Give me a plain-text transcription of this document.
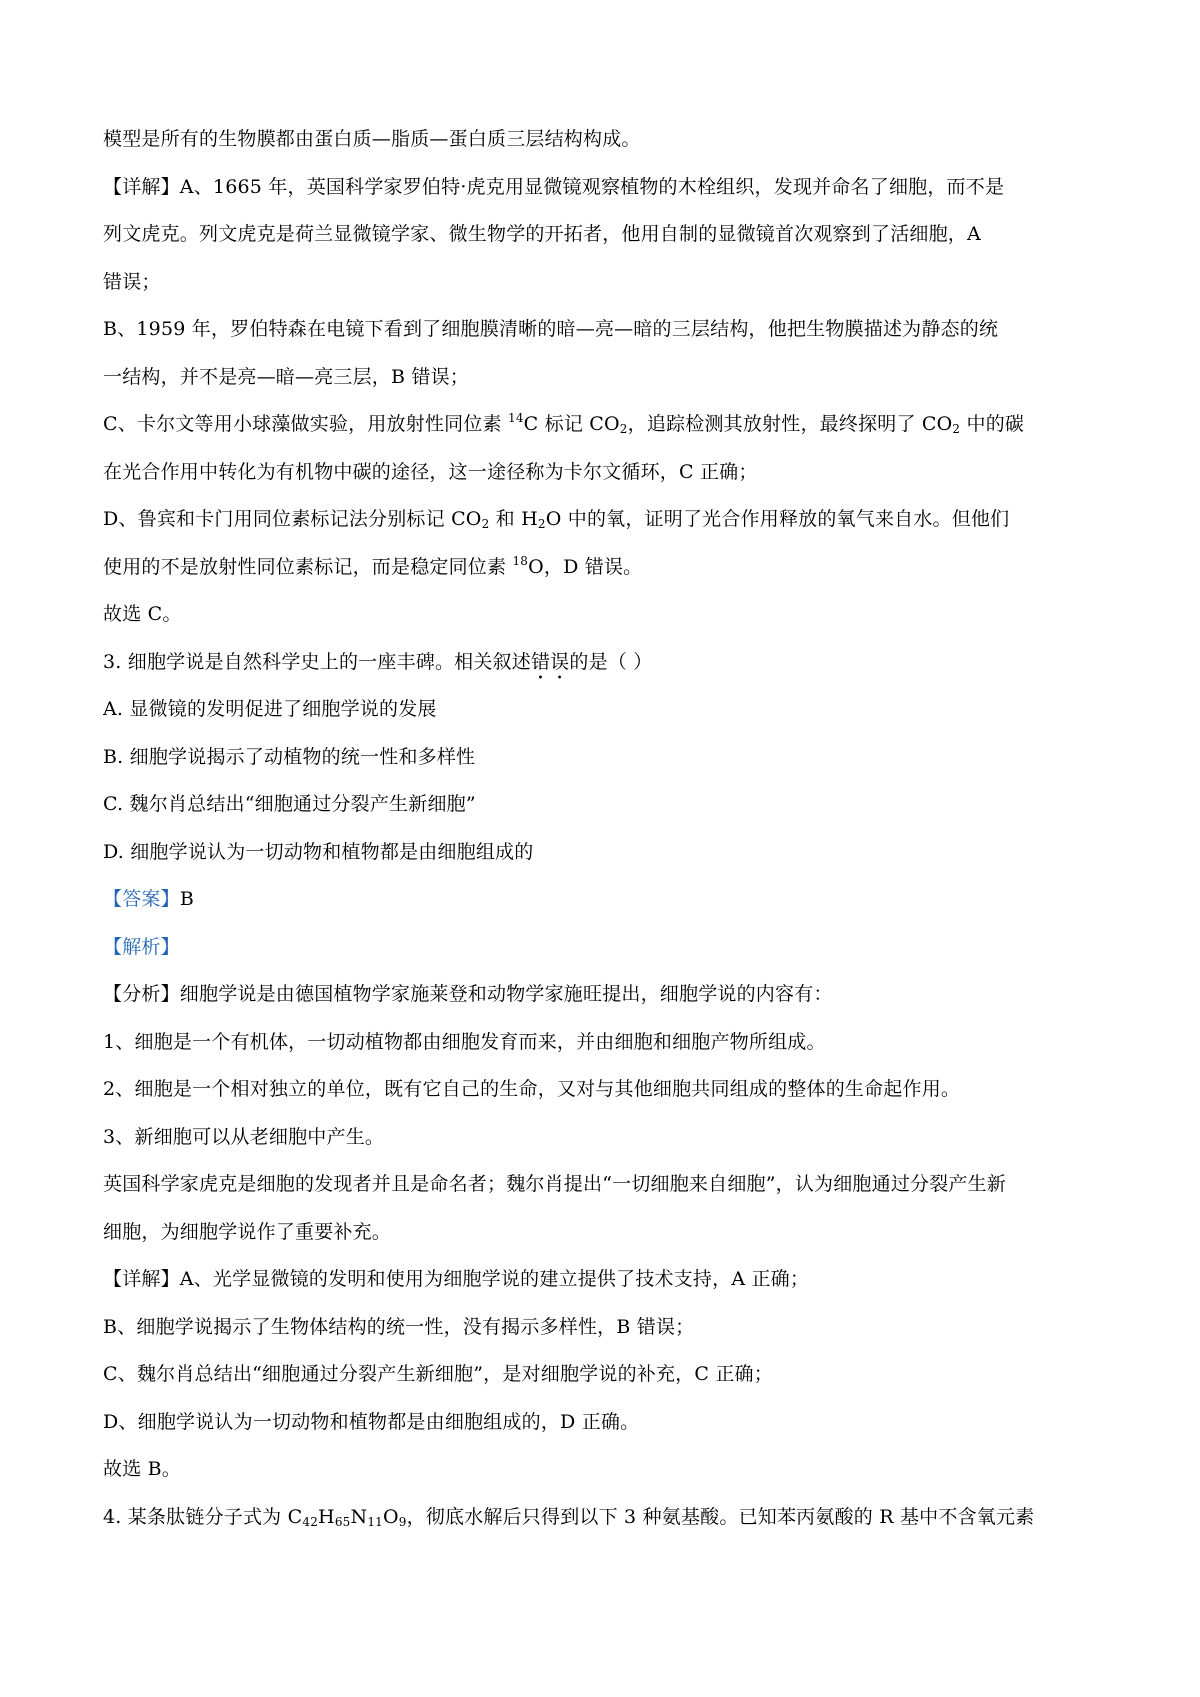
模型是所有的生物膜都由蛋白质—脂质—蛋白质三层结构构成。
【详解】A、1665 年，英国科学家罗伯特·虎克用显微镜观察植物的木栓组织，发现并命名了细胞，而不是
列文虎克。列文虎克是荷兰显微镜学家、微生物学的开拓者，他用自制的显微镜首次观察到了活细胞，A
错误；
B、1959 年，罗伯特森在电镜下看到了细胞膜清晰的暗—亮—暗的三层结构，他把生物膜描述为静态的统
一结构，并不是亮—暗—亮三层，B 错误；
C、卡尔文等用小球藻做实验，用放射性同位素 $^{14}$C 标记 $CO_2$，追踪检测其放射性，最终探明了 $CO_2$ 中的碳
在光合作用中转化为有机物中碳的途径，这一途径称为卡尔文循环，C 正确；
D、鲁宾和卡门用同位素标记法分别标记 $CO_2$ 和 $H_2O$ 中的氧，证明了光合作用释放的氧气来自水。但他们
使用的不是放射性同位素标记，而是稳定同位素 $^{18}$O，D 错误。
故选 C。
3. 细胞学说是自然科学史上的一座丰碑。相关叙述错误的是（ ）
A. 显微镜的发明促进了细胞学说的发展
B. 细胞学说揭示了动植物的统一性和多样性
C. 魏尔肖总结出“细胞通过分裂产生新细胞”
D. 细胞学说认为一切动物和植物都是由细胞组成的
【答案】B
【解析】
【分析】细胞学说是由德国植物学家施莱登和动物学家施旺提出，细胞学说的内容有：
1、细胞是一个有机体，一切动植物都由细胞发育而来，并由细胞和细胞产物所组成。
2、细胞是一个相对独立的单位，既有它自己的生命，又对与其他细胞共同组成的整体的生命起作用。
3、新细胞可以从老细胞中产生。
英国科学家虎克是细胞的发现者并且是命名者；魏尔肖提出“一切细胞来自细胞”，认为细胞通过分裂产生新
细胞，为细胞学说作了重要补充。
【详解】A、光学显微镜的发明和使用为细胞学说的建立提供了技术支持，A 正确；
B、细胞学说揭示了生物体结构的统一性，没有揭示多样性，B 错误；
C、魏尔肖总结出“细胞通过分裂产生新细胞”，是对细胞学说的补充，C 正确；
D、细胞学说认为一切动物和植物都是由细胞组成的，D 正确。
故选 B。
4. 某条肽链分子式为 $C_{42}H_{65}N_{11}O_9$，彻底水解后只得到以下 3 种氨基酸。已知苯丙氨酸的 R 基中不含氧元素
